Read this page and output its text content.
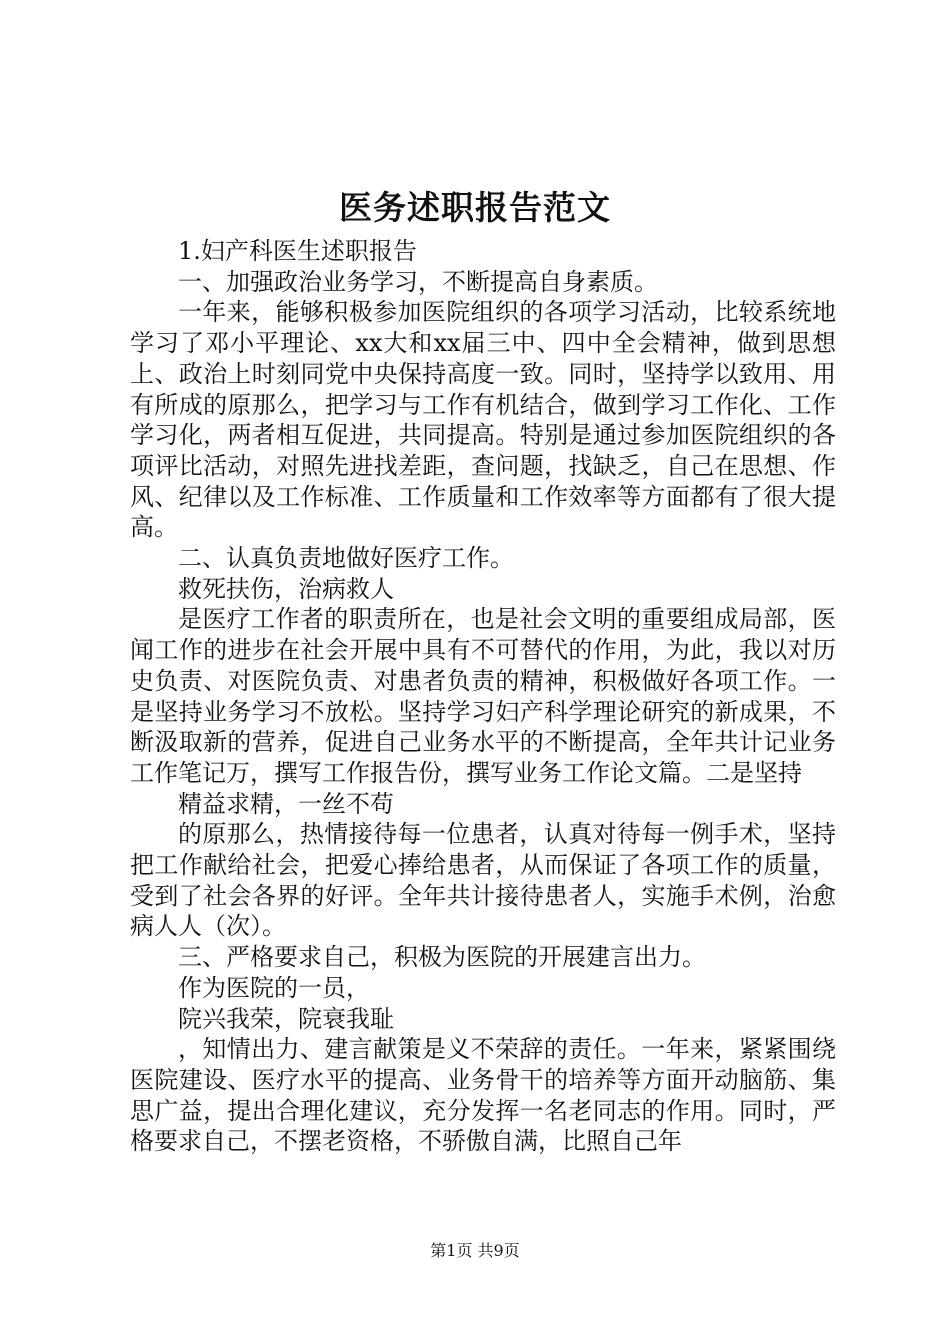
医务述职报告范文

1.妇产科医生述职报告

一、加强政治业务学习，不断提高自身素质。

一年来，能够积极参加医院组织的各项学习活动，比较系统地学习了邓小平理论、xx大和xx届三中、四中全会精神，做到思想上、政治上时刻同党中央保持高度一致。同时，坚持学以致用、用有所成的原那么，把学习与工作有机结合，做到学习工作化、工作学习化，两者相互促进，共同提高。特别是通过参加医院组织的各项评比活动，对照先进找差距，查问题，找缺乏，自己在思想、作风、纪律以及工作标准、工作质量和工作效率等方面都有了很大提高。

二、认真负责地做好医疗工作。

救死扶伤，治病救人

是医疗工作者的职责所在，也是社会文明的重要组成局部，医闻工作的进步在社会开展中具有不可替代的作用，为此，我以对历史负责、对医院负责、对患者负责的精神，积极做好各项工作。一是坚持业务学习不放松。坚持学习妇产科学理论研究的新成果，不断汲取新的营养，促进自己业务水平的不断提高，全年共计记业务工作笔记万，撰写工作报告份，撰写业务工作论文篇。二是坚持

精益求精，一丝不苟

的原那么，热情接待每一位患者，认真对待每一例手术，坚持把工作献给社会，把爱心捧给患者，从而保证了各项工作的质量，受到了社会各界的好评。全年共计接待患者人，实施手术例，治愈病人人（次）。

三、严格要求自己，积极为医院的开展建言出力。

作为医院的一员，

院兴我荣，院衰我耻

，知情出力、建言献策是义不荣辞的责任。一年来，紧紧围绕医院建设、医疗水平的提高、业务骨干的培养等方面开动脑筋、集思广益，提出合理化建议，充分发挥一名老同志的作用。同时，严格要求自己，不摆老资格，不骄傲自满，比照自己年

第1页 共9页
